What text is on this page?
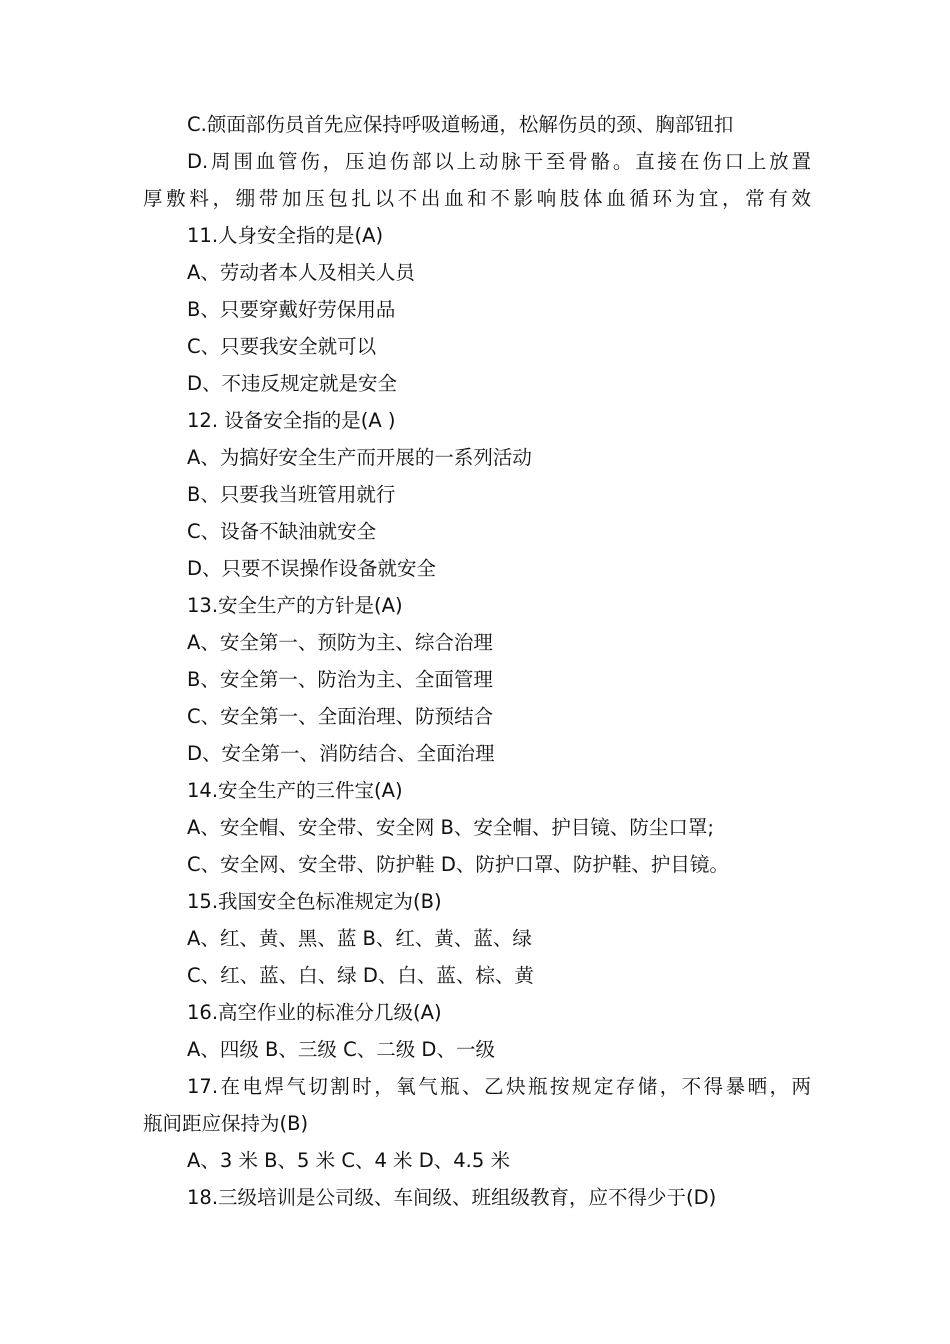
C.颌面部伤员首先应保持呼吸道畅通，松解伤员的颈、胸部钮扣
D.周围血管伤，压迫伤部以上动脉干至骨骼。直接在伤口上放置
厚敷料，绷带加压包扎以不出血和不影响肢体血循环为宜，常有效
11.人身安全指的是(A)
A、劳动者本人及相关人员
B、只要穿戴好劳保用品
C、只要我安全就可以
D、不违反规定就是安全
12. 设备安全指的是(A )
A、为搞好安全生产而开展的一系列活动
B、只要我当班管用就行
C、设备不缺油就安全
D、只要不误操作设备就安全
13.安全生产的方针是(A)
A、安全第一、预防为主、综合治理
B、安全第一、防治为主、全面管理
C、安全第一、全面治理、防预结合
D、安全第一、消防结合、全面治理
14.安全生产的三件宝(A)
A、安全帽、安全带、安全网 B、安全帽、护目镜、防尘口罩;
C、安全网、安全带、防护鞋 D、防护口罩、防护鞋、护目镜。
15.我国安全色标准规定为(B)
A、红、黄、黑、蓝 B、红、黄、蓝、绿
C、红、蓝、白、绿 D、白、蓝、棕、黄
16.高空作业的标准分几级(A)
A、四级 B、三级 C、二级 D、一级
17.在电焊气切割时，氧气瓶、乙炔瓶按规定存储，不得暴晒，两
瓶间距应保持为(B)
A、3 米 B、5 米 C、4 米 D、4.5 米
18.三级培训是公司级、车间级、班组级教育，应不得少于(D)
